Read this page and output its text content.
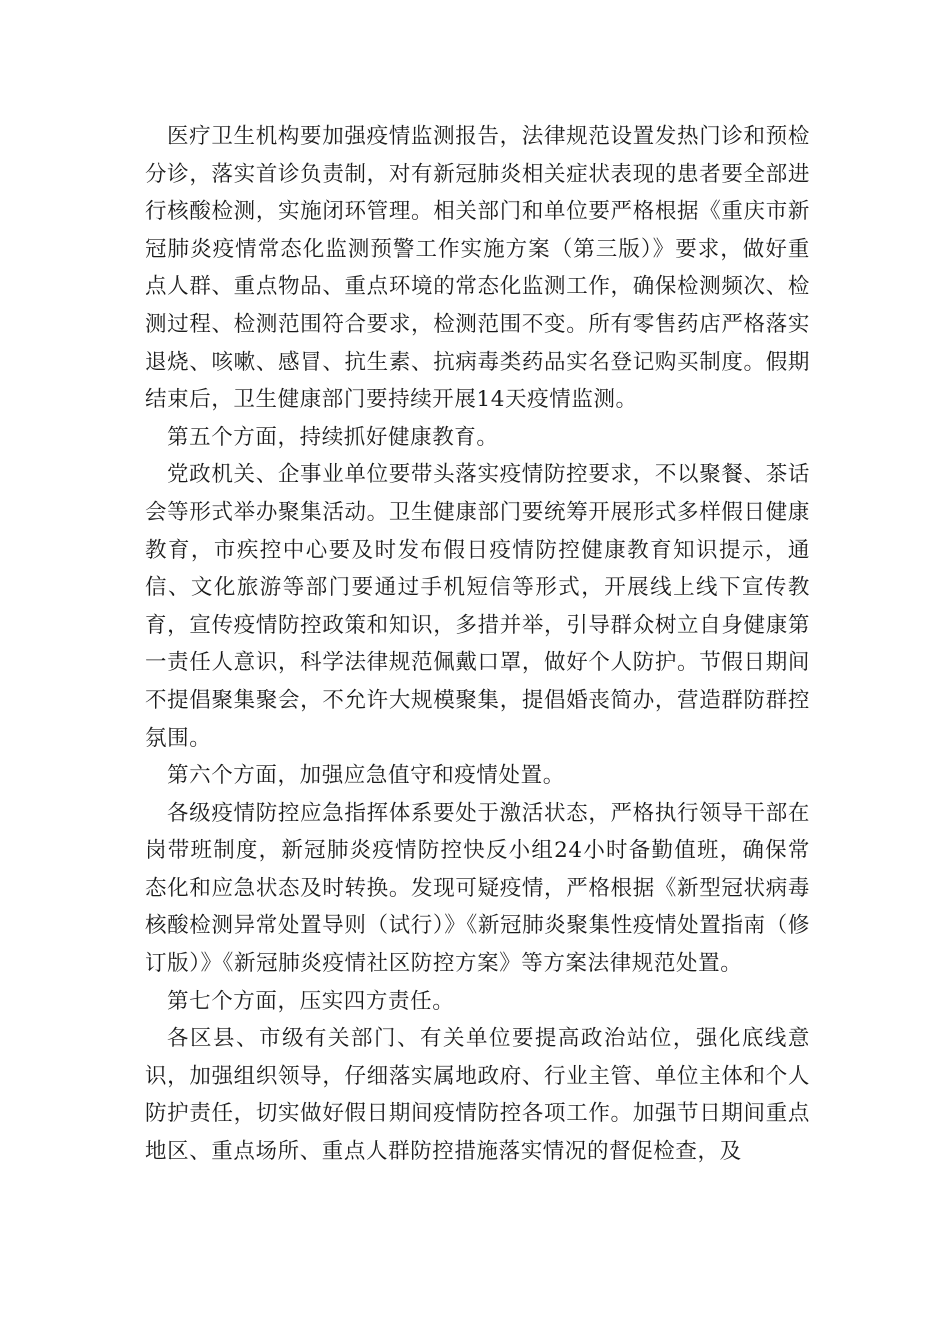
医疗卫生机构要加强疫情监测报告，法律规范设置发热门诊和预检分诊，落实首诊负责制，对有新冠肺炎相关症状表现的患者要全部进行核酸检测，实施闭环管理。相关部门和单位要严格根据《重庆市新冠肺炎疫情常态化监测预警工作实施方案（第三版）》要求，做好重点人群、重点物品、重点环境的常态化监测工作，确保检测频次、检测过程、检测范围符合要求，检测范围不变。所有零售药店严格落实退烧、咳嗽、感冒、抗生素、抗病毒类药品实名登记购买制度。假期结束后，卫生健康部门要持续开展14天疫情监测。

第五个方面，持续抓好健康教育。

党政机关、企事业单位要带头落实疫情防控要求，不以聚餐、茶话会等形式举办聚集活动。卫生健康部门要统筹开展形式多样假日健康教育，市疾控中心要及时发布假日疫情防控健康教育知识提示，通信、文化旅游等部门要通过手机短信等形式，开展线上线下宣传教育，宣传疫情防控政策和知识，多措并举，引导群众树立自身健康第一责任人意识，科学法律规范佩戴口罩，做好个人防护。节假日期间不提倡聚集聚会，不允许大规模聚集，提倡婚丧简办，营造群防群控氛围。

第六个方面，加强应急值守和疫情处置。

各级疫情防控应急指挥体系要处于激活状态，严格执行领导干部在岗带班制度，新冠肺炎疫情防控快反小组24小时备勤值班，确保常态化和应急状态及时转换。发现可疑疫情，严格根据《新型冠状病毒核酸检测异常处置导则（试行）》《新冠肺炎聚集性疫情处置指南（修订版）》《新冠肺炎疫情社区防控方案》等方案法律规范处置。

第七个方面，压实四方责任。

各区县、市级有关部门、有关单位要提高政治站位，强化底线意识，加强组织领导，仔细落实属地政府、行业主管、单位主体和个人防护责任，切实做好假日期间疫情防控各项工作。加强节日期间重点地区、重点场所、重点人群防控措施落实情况的督促检查，及
